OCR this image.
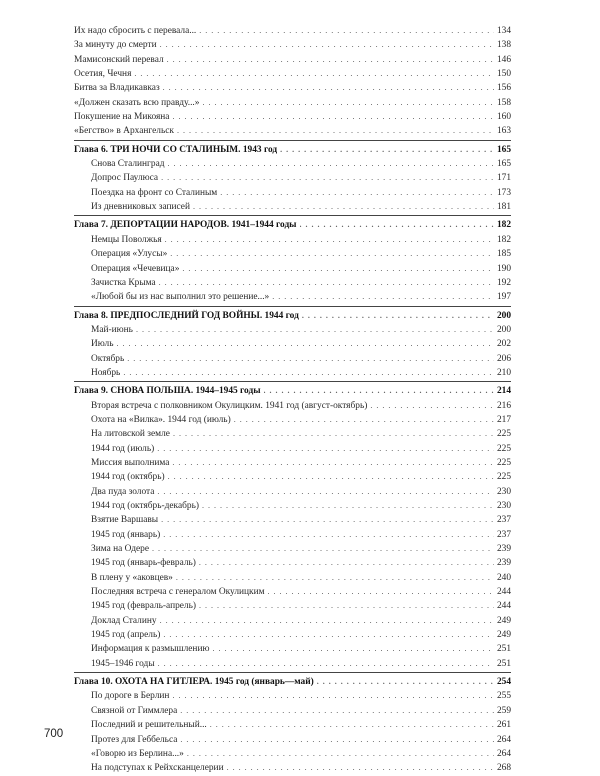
Их надо сбросить с перевала... . . .	134
За минуту до смерти . . .	138
Мамисонский перевал . . .	146
Осетия, Чечня . . .	150
Битва за Владикавказ . . .	156
«Должен сказать всю правду...» . . .	158
Покушение на Микояна . . .	160
«Бегство» в Архангельск . . .	163
Глава 6. ТРИ НОЧИ СО СТАЛИНЫМ. 1943 год . . .	165
Снова Сталинград . . .	165
Допрос Паулюса . . .	171
Поездка на фронт со Сталиным . . .	173
Из дневниковых записей . . .	181
Глава 7. ДЕПОРТАЦИИ НАРОДОВ. 1941–1944 годы . . .	182
Немцы Поволжья . . .	182
Операция «Улусы» . . .	185
Операция «Чечевица» . . .	190
Зачистка Крыма . . .	192
«Любой бы из нас выполнил это решение...» . . .	197
Глава 8. ПРЕДПОСЛЕДНИЙ ГОД ВОЙНЫ. 1944 год . . .	200
Май-июнь . . .	200
Июль . . .	202
Октябрь . . .	206
Ноябрь . . .	210
Глава 9. СНОВА ПОЛЬША. 1944–1945 годы . . .	214
Вторая встреча с полковником Окулицким. 1941 год (август-октябрь) . . .	216
Охота на «Вилка». 1944 год (июль) . . .	217
На литовской земле . . .	225
1944 год (июль) . . .	225
Миссия выполнима . . .	225
1944 год (октябрь) . . .	225
Два пуда золота . . .	230
1944 год (октябрь-декабрь) . . .	230
Взятие Варшавы . . .	237
1945 год (январь) . . .	237
Зима на Одере . . .	239
1945 год (январь-февраль) . . .	239
В плену у «аковцев» . . .	240
Последняя встреча с генералом Окулицким . . .	244
1945 год (февраль-апрель) . . .	244
Доклад Сталину . . .	249
1945 год (апрель) . . .	249
Информация к размышлению . . .	251
1945–1946 годы . . .	251
Глава 10. ОХОТА НА ГИТЛЕРА. 1945 год (январь—май) . . .	254
По дороге в Берлин . . .	255
Связной от Гиммлера . . .	259
Последний и решительный... . . .	261
Протез для Геббельса . . .	264
«Говорю из Берлина...» . . .	264
На подступах к Рейхсканцелерии . . .	268
700
